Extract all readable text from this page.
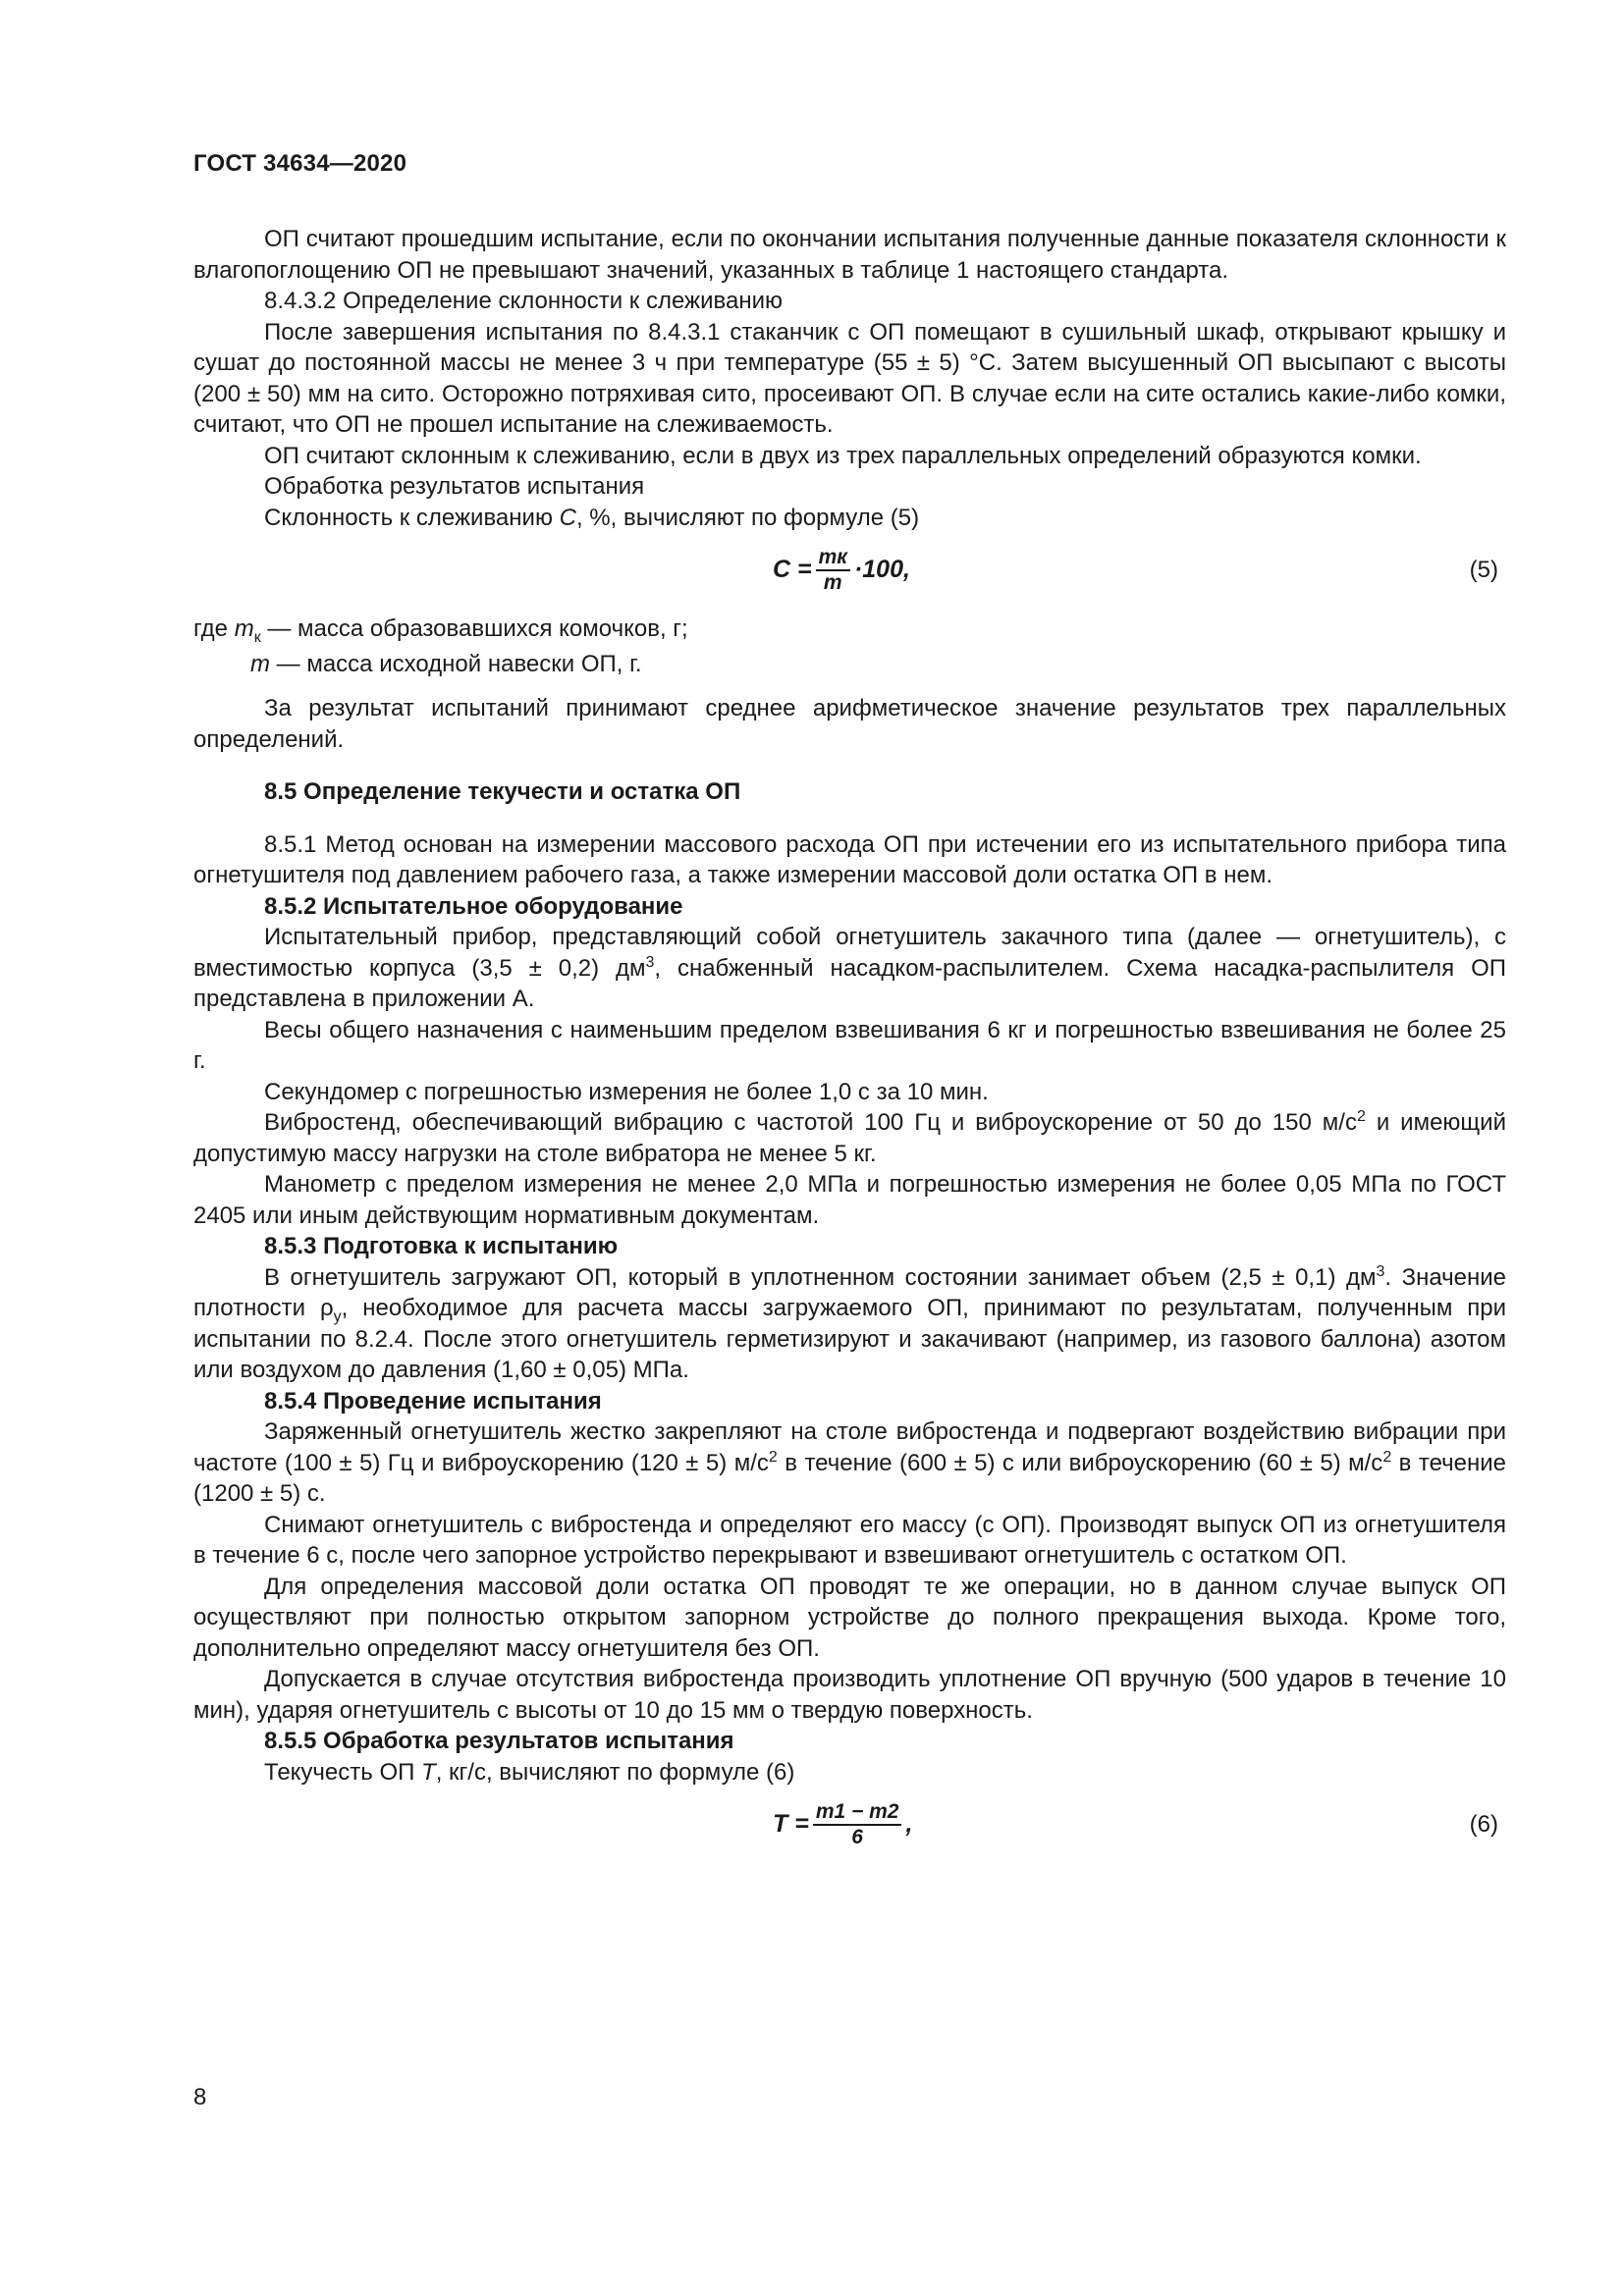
ГОСТ 34634—2020

ОП считают прошедшим испытание, если по окончании испытания полученные данные показателя склонности к влагопоглощению ОП не превышают значений, указанных в таблице 1 настоящего стандарта.

8.4.3.2 Определение склонности к слеживанию

После завершения испытания по 8.4.3.1 стаканчик с ОП помещают в сушильный шкаф, открывают крышку и сушат до постоянной массы не менее 3 ч при температуре (55 ± 5) °С. Затем высушенный ОП высыпают с высоты (200 ± 50) мм на сито. Осторожно потряхивая сито, просеивают ОП. В случае если на сите остались какие-либо комки, считают, что ОП не прошел испытание на слеживаемость.

ОП считают склонным к слеживанию, если в двух из трех параллельных определений образуются комки.

Обработка результатов испытания

Склонность к слеживанию С, %, вычисляют по формуле (5)

$С = \frac{mк}{m} \cdot 100$,	(5)

где $m_к$ — масса образовавшихся комочков, г;

m — масса исходной навески ОП, г.

За результат испытаний принимают среднее арифметическое значение результатов трех параллельных определений.

8.5 Определение текучести и остатка ОП

8.5.1 Метод основан на измерении массового расхода ОП при истечении его из испытательного прибора типа огнетушителя под давлением рабочего газа, а также измерении массовой доли остатка ОП в нем.

8.5.2 Испытательное оборудование

Испытательный прибор, представляющий собой огнетушитель закачного типа (далее — огнетушитель), с вместимостью корпуса (3,5 ± 0,2) $дм^3$, снабженный насадком-распылителем. Схема насадка-распылителя ОП представлена в приложении А.

Весы общего назначения с наименьшим пределом взвешивания 6 кг и погрешностью взвешивания не более 25 г.

Секундомер с погрешностью измерения не более 1,0 с за 10 мин.

Вибростенд, обеспечивающий вибрацию с частотой 100 Гц и виброускорение от 50 до 150 $м/с^2$ и имеющий допустимую массу нагрузки на столе вибратора не менее 5 кг.

Манометр с пределом измерения не менее 2,0 МПа и погрешностью измерения не более 0,05 МПа по ГОСТ 2405 или иным действующим нормативным документам.

8.5.3 Подготовка к испытанию

В огнетушитель загружают ОП, который в уплотненном состоянии занимает объем (2,5 ± 0,1) $дм^3$. Значение плотности $\rho_у$, необходимое для расчета массы загружаемого ОП, принимают по результатам, полученным при испытании по 8.2.4. После этого огнетушитель герметизируют и закачивают (например, из газового баллона) азотом или воздухом до давления (1,60 ± 0,05) МПа.

8.5.4 Проведение испытания

Заряженный огнетушитель жестко закрепляют на столе вибростенда и подвергают воздействию вибрации при частоте (100 ± 5) Гц и виброускорению (120 ± 5) $м/с^2$ в течение (600 ± 5) с или виброускорению (60 ± 5) $м/с^2$ в течение (1200 ± 5) с.

Снимают огнетушитель с вибростенда и определяют его массу (с ОП). Производят выпуск ОП из огнетушителя в течение 6 с, после чего запорное устройство перекрывают и взвешивают огнетушитель с остатком ОП.

Для определения массовой доли остатка ОП проводят те же операции, но в данном случае выпуск ОП осуществляют при полностью открытом запорном устройстве до полного прекращения выхода. Кроме того, дополнительно определяют массу огнетушителя без ОП.

Допускается в случае отсутствия вибростенда производить уплотнение ОП вручную (500 ударов в течение 10 мин), ударяя огнетушитель с высоты от 10 до 15 мм о твердую поверхность.

8.5.5 Обработка результатов испытания

Текучесть ОП Т, кг/с, вычисляют по формуле (6)

$Т = \frac{m1 - m2}{6}$ ,	(6)
8
